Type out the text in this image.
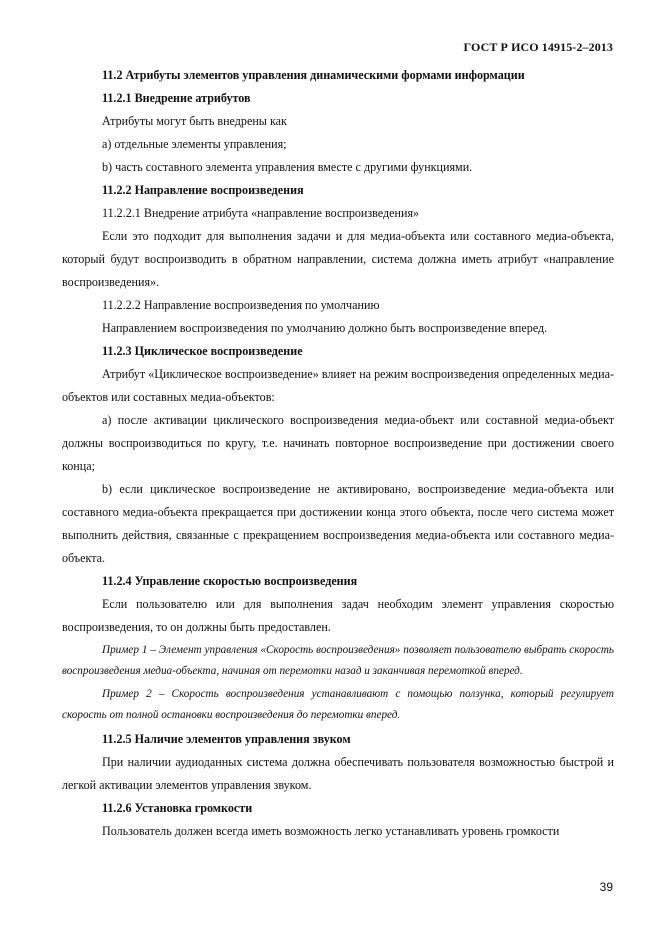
ГОСТ Р ИСО 14915-2–2013

11.2 Атрибуты элементов управления динамическими формами информации

11.2.1 Внедрение атрибутов

Атрибуты могут быть внедрены как

a) отдельные элементы управления;

b) часть составного элемента управления вместе с другими функциями.

11.2.2 Направление воспроизведения

11.2.2.1 Внедрение атрибута «направление воспроизведения»

Если это подходит для выполнения задачи и для медиа-объекта или составного медиа-объекта, который будут воспроизводить в обратном направлении, система должна иметь атрибут «направление воспроизведения».

11.2.2.2 Направление воспроизведения по умолчанию

Направлением воспроизведения по умолчанию должно быть воспроизведение вперед.

11.2.3 Циклическое воспроизведение

Атрибут «Циклическое воспроизведение» влияет на режим воспроизведения определенных медиа-объектов или составных медиа-объектов:

a) после активации циклического воспроизведения медиа-объект или составной медиа-объект должны воспроизводиться по кругу, т.е. начинать повторное воспроизведение при достижении своего конца;

b) если циклическое воспроизведение не активировано, воспроизведение медиа-объекта или составного медиа-объекта прекращается при достижении конца этого объекта, после чего система может выполнить действия, связанные с прекращением воспроизведения медиа-объекта или составного медиа-объекта.

11.2.4 Управление скоростью воспроизведения

Если пользователю или для выполнения задач необходим элемент управления скоростью воспроизведения, то он должны быть предоставлен.

Пример 1 – Элемент управления «Скорость воспроизведения» позволяет пользователю выбрать скорость воспроизведения медиа-объекта, начиная от перемотки назад и заканчивая перемоткой вперед.

Пример 2 – Скорость воспроизведения устанавливают с помощью ползунка, который регулирует скорость от полной остановки воспроизведения до перемотки вперед.

11.2.5 Наличие элементов управления звуком

При наличии аудиоданных система должна обеспечивать пользователя возможностью быстрой и легкой активации элементов управления звуком.

11.2.6 Установка громкости

Пользователь должен всегда иметь возможность легко устанавливать уровень громкости

39
